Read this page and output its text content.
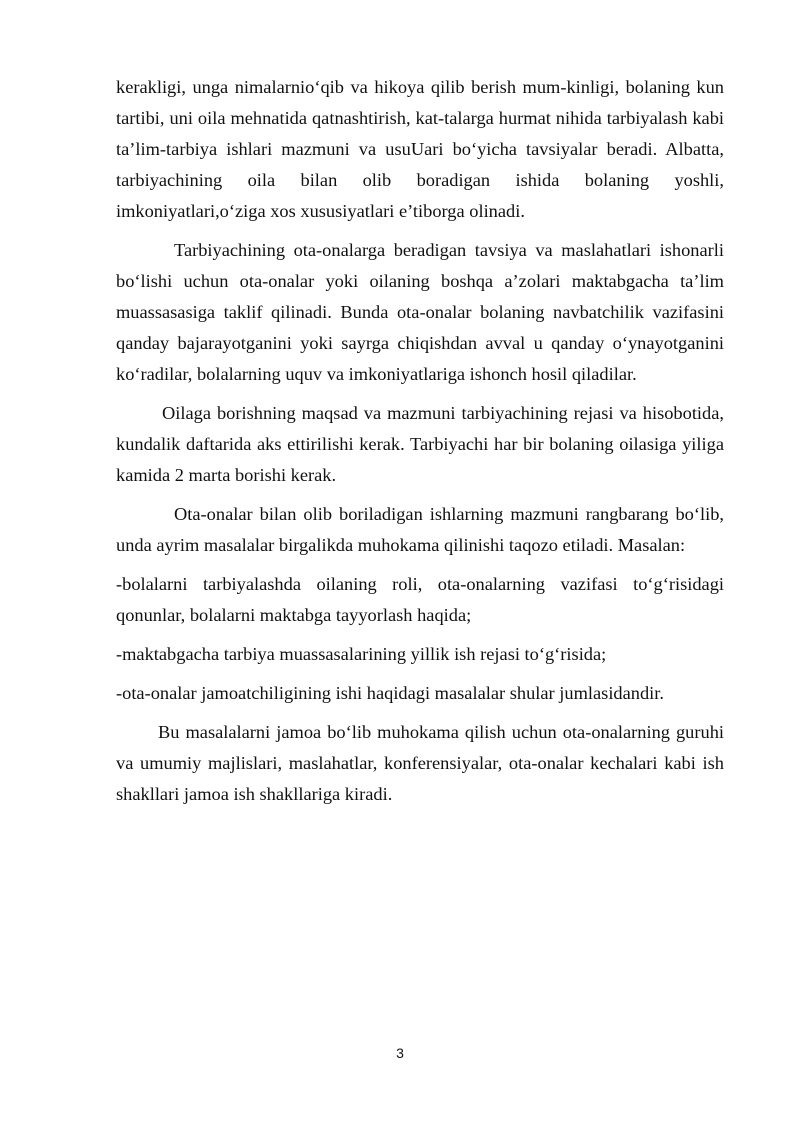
kerakligi, unga nimalarnio‘qib va hikoya qilib berish mum-kinligi, bolaning kun tartibi, uni oila mehnatida qatnashtirish, kat-talarga hurmat nihida tarbiyalash kabi ta’lim-tarbiya ishlari mazmuni va usuUari bo‘yicha tavsiyalar beradi. Albatta, tarbiyachining oila bilan olib boradigan ishida bolaning yoshli, imkoniyatlari,o‘ziga xos xususiyatlari e’tiborga olinadi.

Tarbiyachining ota-onalarga beradigan tavsiya va maslahatlari ishonarli bo‘lishi uchun ota-onalar yoki oilaning boshqa a’zolari maktabgacha ta’lim muassasasiga taklif qilinadi. Bunda ota-onalar bolaning navbatchilik vazifasini qanday bajarayotganini yoki sayrga chiqishdan avval u qanday o‘ynayotganini ko‘radilar, bolalarning uquv va imkoniyatlariga ishonch hosil qiladilar.

Oilaga borishning maqsad va mazmuni tarbiyachining rejasi va hisobotida, kundalik daftarida aks ettirilishi kerak. Tarbiyachi har bir bolaning oilasiga yiliga kamida 2 marta borishi kerak.

Ota-onalar bilan olib boriladigan ishlarning mazmuni rangbarang bo‘lib, unda ayrim masalalar birgalikda muhokama qilinishi taqozo etiladi. Masalan:

-bolalarni tarbiyalashda oilaning roli, ota-onalarning vazifasi to‘g‘risidagi qonunlar, bolalarni maktabga tayyorlash haqida;

-maktabgacha tarbiya muassasalarining yillik ish rejasi to‘g‘risida;

-ota-onalar jamoatchiligining ishi haqidagi masalalar shular jumlasidandir.

Bu masalalarni jamoa bo‘lib muhokama qilish uchun ota-onalarning guruhi va umumiy majlislari, maslahatlar, konferensiyalar, ota-onalar kechalari kabi ish shakllari jamoa ish shakllariga kiradi.

3
